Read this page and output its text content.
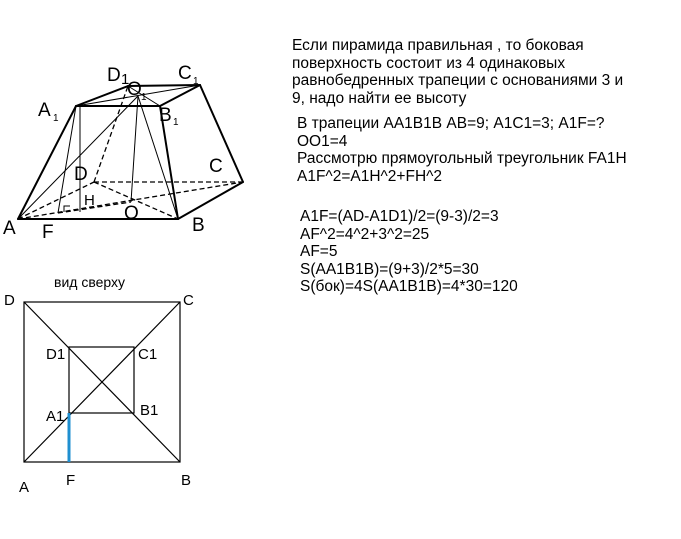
A F
H
O
B
C
D
A 1	B 1
D 1
O 1
C 1
вид сверху
D	C
A F	B
D1	C1
A1	B1
Если пирамида правильная , то боковая
поверхность состоит из 4 одинаковых
равнобедренных трапеции с основаниями 3 и
9, надо найти ее высоту
В трапеции АА1В1В АВ=9; А1С1=3; А1F=?
ОО1=4
Рассмотрю прямоугольный треугольник FA1H
A1F^2=A1H^2+FH^2
A1F=(AD-A1D1)/2=(9-3)/2=3
AF^2=4^2+3^2=25
AF=5
S(AA1B1B)=(9+3)/2*5=30
S(бок)=4S(AA1B1B)=4*30=120
